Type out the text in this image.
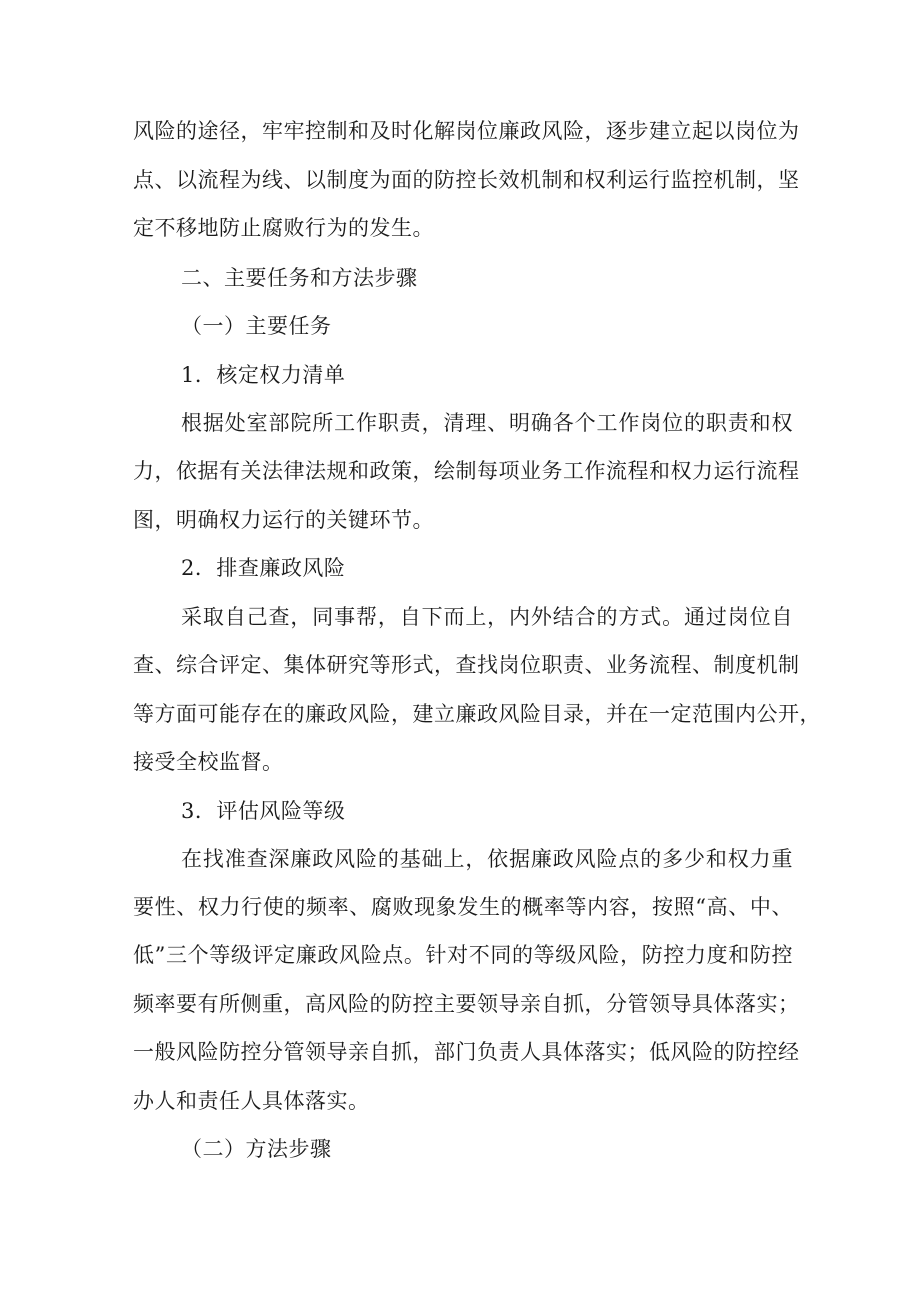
风险的途径，牢牢控制和及时化解岗位廉政风险，逐步建立起以岗位为
点、以流程为线、以制度为面的防控长效机制和权利运行监控机制，坚
定不移地防止腐败行为的发生。
二、主要任务和方法步骤
（一）主要任务
1．核定权力清单
根据处室部院所工作职责，清理、明确各个工作岗位的职责和权
力，依据有关法律法规和政策，绘制每项业务工作流程和权力运行流程
图，明确权力运行的关键环节。
2．排查廉政风险
采取自己查，同事帮，自下而上，内外结合的方式。通过岗位自
查、综合评定、集体研究等形式，查找岗位职责、业务流程、制度机制
等方面可能存在的廉政风险，建立廉政风险目录，并在一定范围内公开，
接受全校监督。
3．评估风险等级
在找准查深廉政风险的基础上，依据廉政风险点的多少和权力重
要性、权力行使的频率、腐败现象发生的概率等内容，按照“高、中、
低”三个等级评定廉政风险点。针对不同的等级风险，防控力度和防控
频率要有所侧重，高风险的防控主要领导亲自抓，分管领导具体落实；
一般风险防控分管领导亲自抓，部门负责人具体落实；低风险的防控经
办人和责任人具体落实。
（二）方法步骤
